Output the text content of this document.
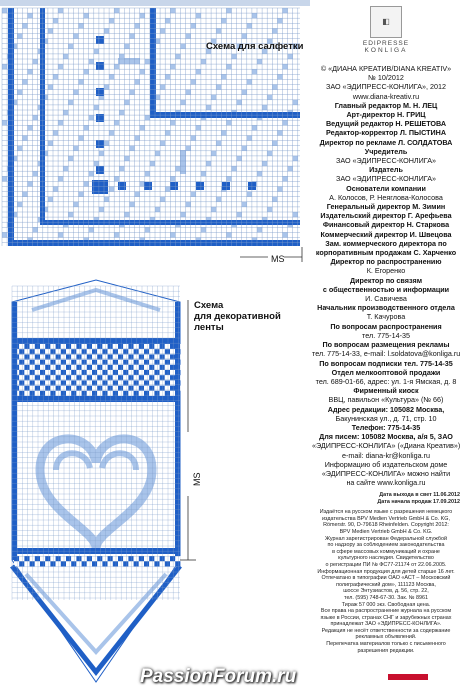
Схема для салфетки
MS
Схема
для декоративной
ленты
MS
◧
EDIPRESSE
KONLIGA
© «ДИАНА КРЕАТИВ/DIANA KREATIV»
№ 10/2012
ЗАО «ЭДИПРЕСС-КОНЛИГА», 2012
www.diana-kreativ.ru
Главный редактор М. Н. ЛЕЦ
Арт-директор Н. ГРИЦ
Ведущий редактор Н. РЕШЕТОВА
Редактор-корректор Л. ПЫСТИНА
Директор по рекламе Л. СОЛДАТОВА
Учредитель
ЗАО «ЭДИПРЕСС-КОНЛИГА»
Издатель
ЗАО «ЭДИПРЕСС-КОНЛИГА»
Основатели компании
А. Колосов, Р. Неяглова-Колосова
Генеральный директор М. Зимин
Издательский директор Г. Арефьева
Финансовый директор Н. Старкова
Коммерческий директор И. Швецова
Зам. коммерческого директора по
корпоративным продажам С. Харченко
Директор по распространению
К. Егоренко
Директор по связям
с общественностью и информации
И. Савичева
Начальник производственного отдела
Т. Качурова
По вопросам распространения
тел. 775-14-35
По вопросам размещения рекламы
тел. 775-14-33, e-mail: l.soldatova@konliga.ru
По вопросам подписки тел. 775-14-35
Отдел мелкооптовой продажи
тел. 689-01-66, адрес: ул. 1-я Ямская, д. 8
Фирменный киоск
ВВЦ, павильон «Культура» (№ 66)
Адрес редакции: 105082 Москва,
Бакунинская ул., д. 71, стр. 10
Телефон: 775-14-35
Для писем: 105082 Москва, а/я 5, ЗАО
«ЭДИПРЕСС-КОНЛИГА» («Диана Креатив»)
e-mail: diana-kr@konliga.ru
Информацию об издательском доме
«ЭДИПРЕСС-КОНЛИГА» можно найти
на сайте www.konliga.ru
Дата выхода в свет 11.06.2012
Дата начала продаж 17.09.2012
Издаётся на русском языке с разрешения немецкого
издательства BPV Medien Vertrieb GmbH & Co. KG,
Römerstr. 90, D-79618 Rheinfelden. Copyright 2012:
BPV Medien Vertrieb GmbH & Co. KG.
Журнал зарегистрирован Федеральной службой
по надзору за соблюдением законодательства
в сфере массовых коммуникаций и охране
культурного наследия. Свидетельство
о регистрации ПИ № ФС77-21174 от 22.06.2005.
Информационная продукция для детей старше 16 лет.
Отпечатано в типографии ОАО «АСТ – Московский
полиграфический дом», 111123 Москва,
шоссе Энтузиастов, д. 56, стр. 22,
тел. (595) 748-67-30. Зак. № 8961
Тираж 57 000 экз. Свободная цена.
Все права на распространение журнала на русском
языке в России, странах СНГ и зарубежных странах
принадлежат ЗАО «ЭДИПРЕСС-КОНЛИГА».
Редакция не несёт ответственности за содержание
рекламных объявлений.
Перепечатка материалов только с письменного
разрешения редакции.
PassionForum.ru
